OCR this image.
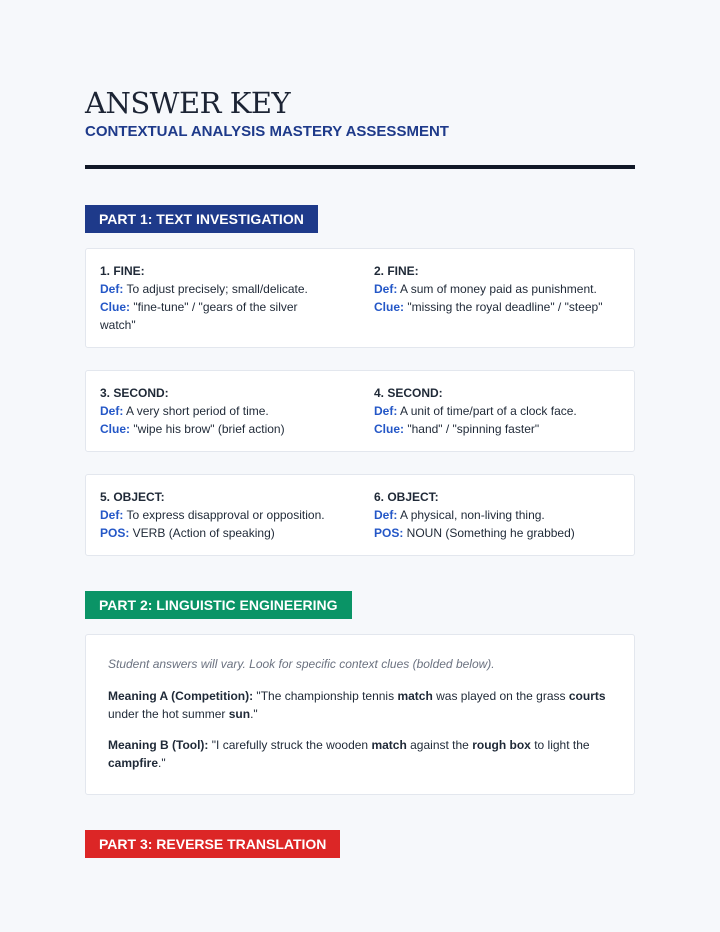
ANSWER KEY
CONTEXTUAL ANALYSIS MASTERY ASSESSMENT
PART 1: TEXT INVESTIGATION
1. FINE:
Def: To adjust precisely; small/delicate.
Clue: "fine-tune" / "gears of the silver watch"
2. FINE:
Def: A sum of money paid as punishment.
Clue: "missing the royal deadline" / "steep"
3. SECOND:
Def: A very short period of time.
Clue: "wipe his brow" (brief action)
4. SECOND:
Def: A unit of time/part of a clock face.
Clue: "hand" / "spinning faster"
5. OBJECT:
Def: To express disapproval or opposition.
POS: VERB (Action of speaking)
6. OBJECT:
Def: A physical, non-living thing.
POS: NOUN (Something he grabbed)
PART 2: LINGUISTIC ENGINEERING
Student answers will vary. Look for specific context clues (bolded below).
Meaning A (Competition): "The championship tennis match was played on the grass courts under the hot summer sun."
Meaning B (Tool): "I carefully struck the wooden match against the rough box to light the campfire."
PART 3: REVERSE TRANSLATION
